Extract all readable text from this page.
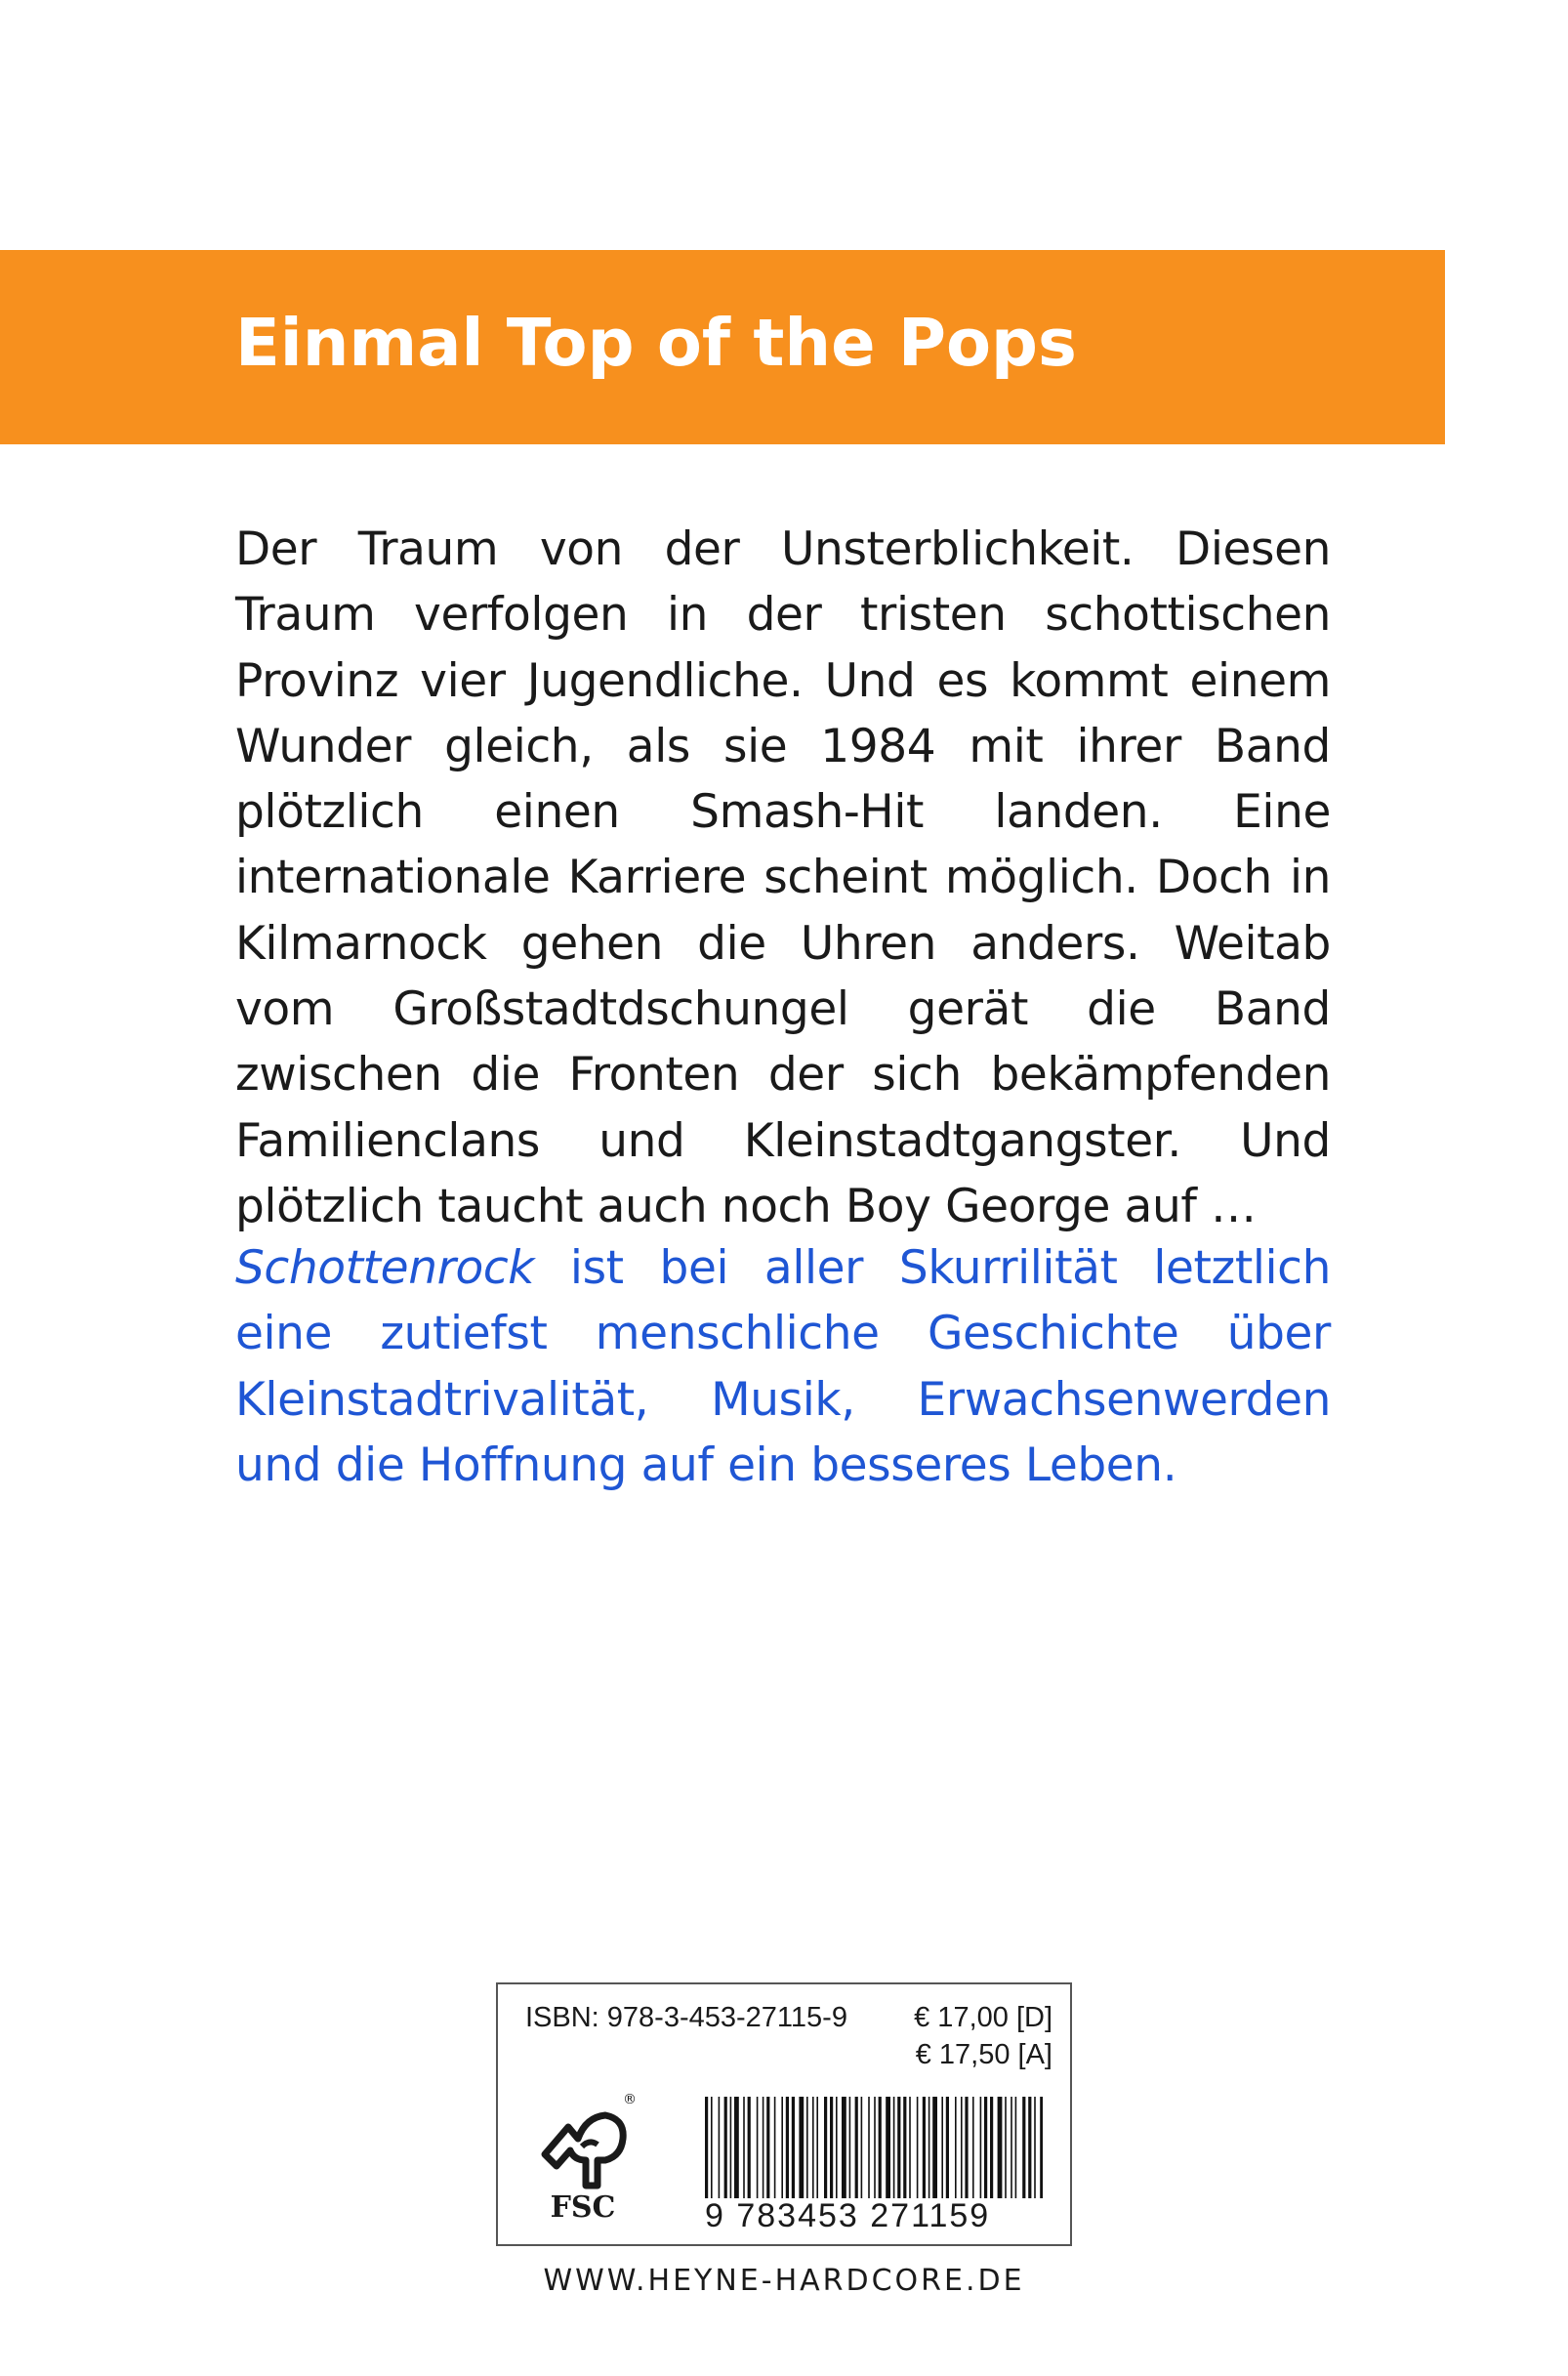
Einmal Top of the Pops

Der Traum von der Unsterblichkeit. Diesen Traum verfolgen in der tristen schottischen Provinz vier Jugendliche. Und es kommt einem Wunder gleich, als sie 1984 mit ihrer Band plötzlich einen Smash-Hit landen. Eine internationale Karriere scheint möglich. Doch in Kilmarnock gehen die Uhren anders. Weitab vom Großstadtdschungel gerät die Band zwischen die Fronten der sich bekämpfenden Familienclans und Kleinstadtgangster. Und plötzlich taucht auch noch Boy George auf …

Schottenrock ist bei aller Skurrilität letztlich eine zutiefst menschliche Geschichte über Kleinstadtrivalität, Musik, Erwachsenwerden und die Hoffnung auf ein besseres Leben.

ISBN: 978-3-453-27115-9 € 17,00 [D]
€ 17,50 [A]
®
FSC	9 783453 271159

WWW.HEYNE-HARDCORE.DE
